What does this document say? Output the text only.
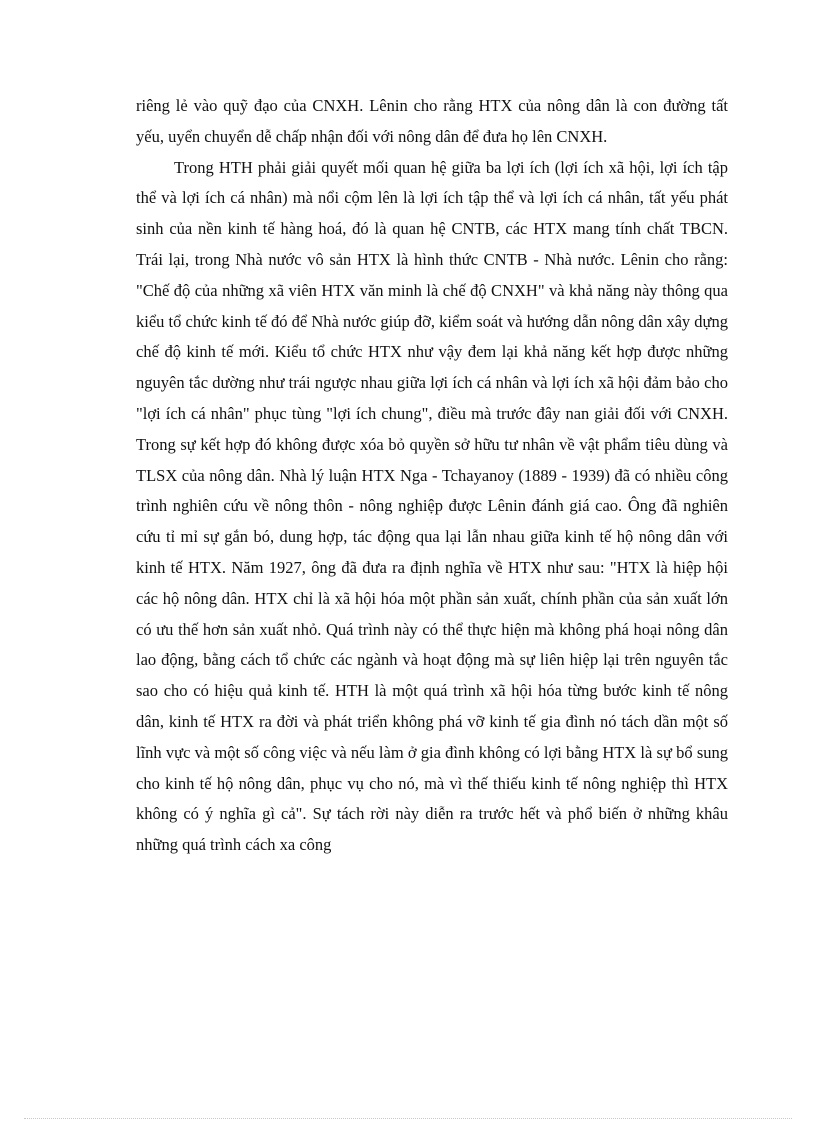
riêng lẻ vào quỹ đạo của CNXH. Lênin cho rằng HTX của nông dân là con đường tất yếu, uyển chuyển dễ chấp nhận đối với nông dân để đưa họ lên CNXH.

Trong HTH phải giải quyết mối quan hệ giữa ba lợi ích (lợi ích xã hội, lợi ích tập thể và lợi ích cá nhân) mà nổi cộm lên là lợi ích tập thể và lợi ích cá nhân, tất yếu phát sinh của nền kinh tế hàng hoá, đó là quan hệ CNTB, các HTX mang tính chất TBCN. Trái lại, trong Nhà nước vô sản HTX là hình thức CNTB - Nhà nước. Lênin cho rằng: "Chế độ của những xã viên HTX văn minh là chế độ CNXH" và khả năng này thông qua kiểu tổ chức kinh tế đó để Nhà nước giúp đỡ, kiểm soát và hướng dẫn nông dân xây dựng chế độ kinh tế mới. Kiểu tổ chức HTX như vậy đem lại khả năng kết hợp được những nguyên tắc dường như trái ngược nhau giữa lợi ích cá nhân và lợi ích xã hội đảm bảo cho "lợi ích cá nhân" phục tùng "lợi ích chung", điều mà trước đây nan giải đối với CNXH. Trong sự kết hợp đó không được xóa bỏ quyền sở hữu tư nhân về vật phẩm tiêu dùng và TLSX của nông dân. Nhà lý luận HTX Nga - Tchayanoy (1889 - 1939) đã có nhiều công trình nghiên cứu về nông thôn - nông nghiệp được Lênin đánh giá cao. Ông đã nghiên cứu tỉ mỉ sự gắn bó, dung hợp, tác động qua lại lẫn nhau giữa kinh tế hộ nông dân với kinh tế HTX. Năm 1927, ông đã đưa ra định nghĩa về HTX như sau: "HTX là hiệp hội các hộ nông dân. HTX chỉ là xã hội hóa một phần sản xuất, chính phần của sản xuất lớn có ưu thế hơn sản xuất nhỏ. Quá trình này có thể thực hiện mà không phá hoại nông dân lao động, bằng cách tổ chức các ngành và hoạt động mà sự liên hiệp lại trên nguyên tắc sao cho có hiệu quả kinh tế. HTH là một quá trình xã hội hóa từng bước kinh tế nông dân, kinh tế HTX ra đời và phát triển không phá vỡ kinh tế gia đình nó tách dần một số lĩnh vực và một số công việc và nếu làm ở gia đình không có lợi bằng HTX là sự bổ sung cho kinh tế hộ nông dân, phục vụ cho nó, mà vì thế thiếu kinh tế nông nghiệp thì HTX không có ý nghĩa gì cả". Sự tách rời này diễn ra trước hết và phổ biến ở những khâu những quá trình cách xa công
